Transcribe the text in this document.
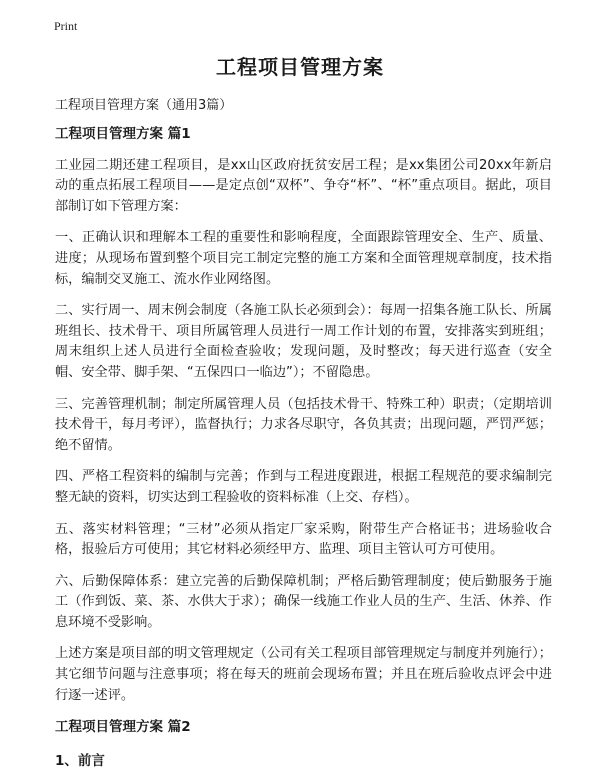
Print
工程项目管理方案
工程项目管理方案（通用3篇）
工程项目管理方案 篇1

工业园二期还建工程项目，是xx山区政府抚贫安居工程；是xx集团公司20xx年新启动的重点拓展工程项目——是定点创“双杯”、争夺“杯”、“杯”重点项目。据此，项目部制订如下管理方案：

一、正确认识和理解本工程的重要性和影响程度，全面跟踪管理安全、生产、质量、进度；从现场布置到整个项目完工制定完整的施工方案和全面管理规章制度，技术指标，编制交叉施工、流水作业网络图。

二、实行周一、周末例会制度（各施工队长必须到会）：每周一招集各施工队长、所属班组长、技术骨干、项目所属管理人员进行一周工作计划的布置，安排落实到班组；周末组织上述人员进行全面检查验收；发现问题，及时整改；每天进行巡查（安全帽、安全带、脚手架、“五保四口一临边”）；不留隐患。

三、完善管理机制；制定所属管理人员（包括技术骨干、特殊工种）职责；（定期培训技术骨干，每月考评），监督执行；力求各尽职守，各负其责；出现问题，严罚严惩；绝不留情。

四、严格工程资料的编制与完善；作到与工程进度跟进，根据工程规范的要求编制完整无缺的资料，切实达到工程验收的资料标准（上交、存档）。

五、落实材料管理；“三材”必须从指定厂家采购，附带生产合格证书；进场验收合格，报验后方可使用；其它材料必须经甲方、监理、项目主管认可方可使用。

六、后勤保障体系：建立完善的后勤保障机制；严格后勤管理制度；使后勤服务于施工（作到饭、菜、茶、水供大于求）；确保一线施工作业人员的生产、生活、休养、作息环境不受影响。

上述方案是项目部的明文管理规定（公司有关工程项目部管理规定与制度并列施行）；其它细节问题与注意事项；将在每天的班前会现场布置；并且在班后验收点评会中进行逐一述评。

工程项目管理方案 篇2
1、前言
